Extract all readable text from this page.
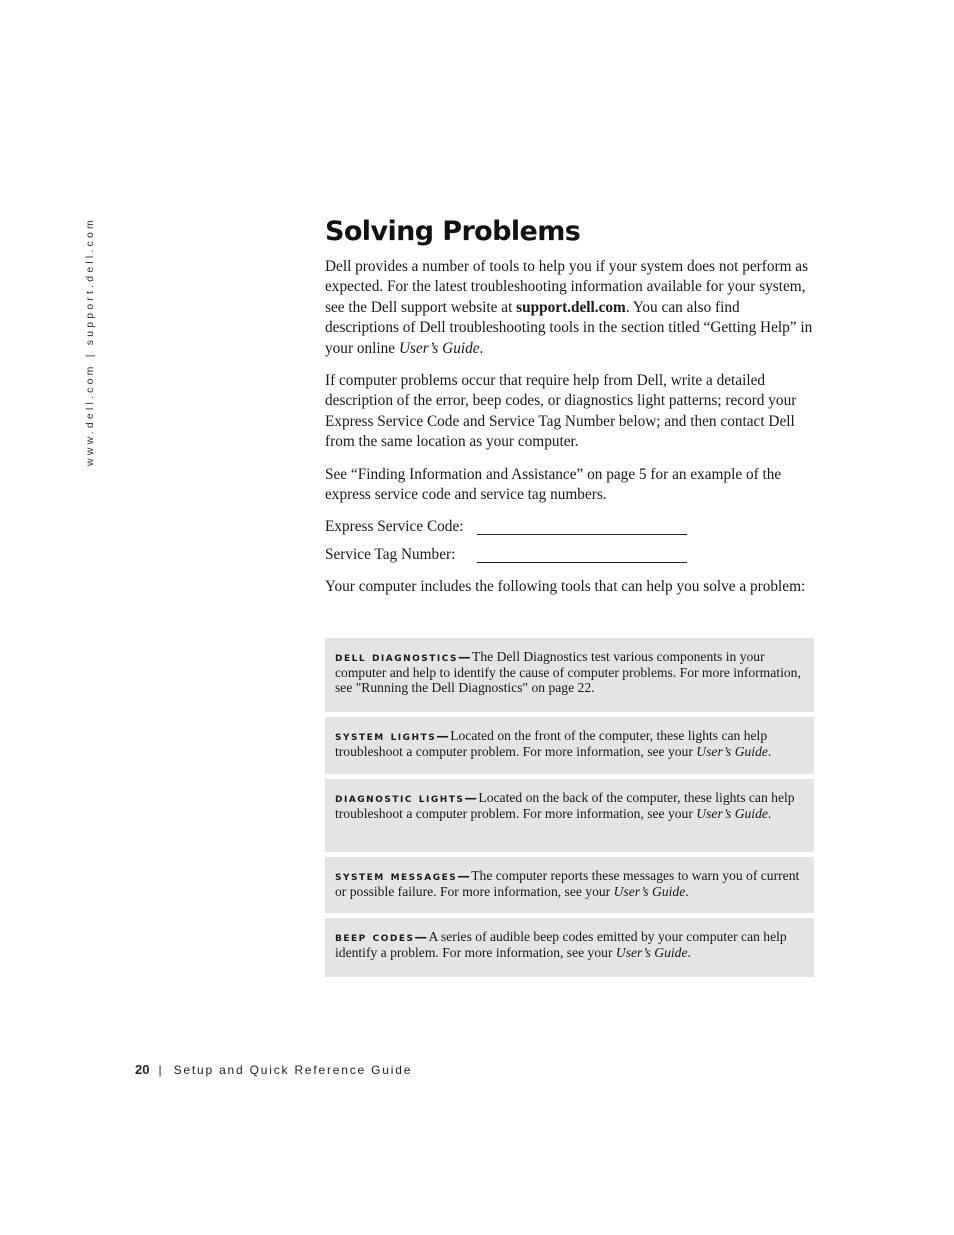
www.dell.com | support.dell.com	Solving Problems

Dell provides a number of tools to help you if your system does not perform as expected. For the latest troubleshooting information available for your system, see the Dell support website at support.dell.com. You can also find descriptions of Dell troubleshooting tools in the section titled “Getting Help” in your online User’s Guide.

If computer problems occur that require help from Dell, write a detailed description of the error, beep codes, or diagnostics light patterns; record your Express Service Code and Service Tag Number below; and then contact Dell from the same location as your computer.

See “Finding Information and Assistance” on page 5 for an example of the express service code and service tag numbers.

Express Service Code:
Service Tag Number:

Your computer includes the following tools that can help you solve a problem:

dell diagnostics—The Dell Diagnostics test various components in your computer and help to identify the cause of computer problems. For more information, see "Running the Dell Diagnostics" on page 22.
system lights—Located on the front of the computer, these lights can help troubleshoot a computer problem. For more information, see your User’s Guide.
diagnostic lights—Located on the back of the computer, these lights can help troubleshoot a computer problem. For more information, see your User’s Guide.
system messages—The computer reports these messages to warn you of current or possible failure. For more information, see your User’s Guide.
beep codes—A series of audible beep codes emitted by your computer can help identify a problem. For more information, see your User’s Guide.
20 | Setup and Quick Reference Guide
